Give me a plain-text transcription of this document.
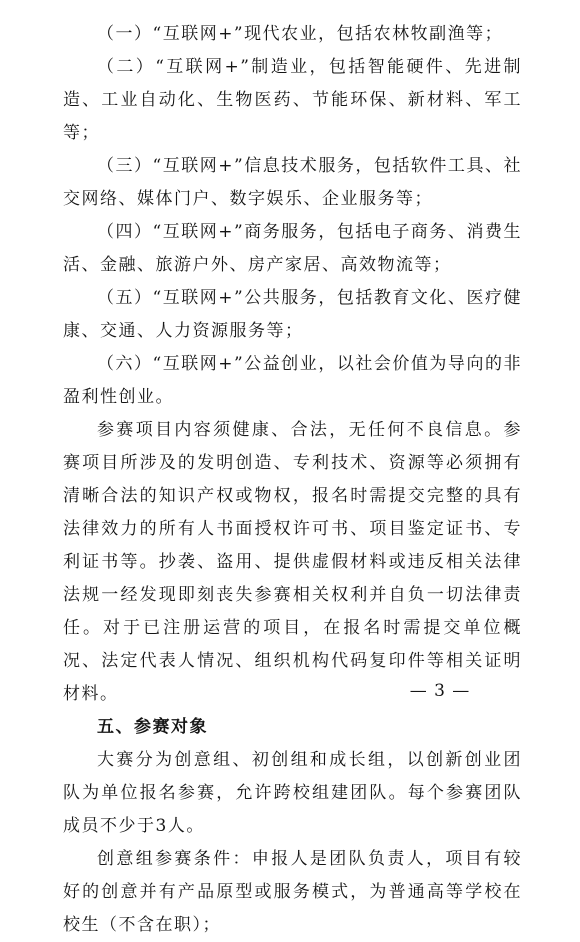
（一）“互联网+”现代农业，包括农林牧副渔等；

（二）“互联网+”制造业，包括智能硬件、先进制造、工业自动化、生物医药、节能环保、新材料、军工等；

（三）“互联网+”信息技术服务，包括软件工具、社交网络、媒体门户、数字娱乐、企业服务等；

（四）“互联网+”商务服务，包括电子商务、消费生活、金融、旅游户外、房产家居、高效物流等；

（五）“互联网+”公共服务，包括教育文化、医疗健康、交通、人力资源服务等；

（六）“互联网+”公益创业，以社会价值为导向的非盈利性创业。

参赛项目内容须健康、合法，无任何不良信息。参赛项目所涉及的发明创造、专利技术、资源等必须拥有清晰合法的知识产权或物权，报名时需提交完整的具有法律效力的所有人书面授权许可书、项目鉴定证书、专利证书等。抄袭、盗用、提供虚假材料或违反相关法律法规一经发现即刻丧失参赛相关权利并自负一切法律责任。对于已注册运营的项目，在报名时需提交单位概况、法定代表人情况、组织机构代码复印件等相关证明材料。

五、参赛对象

大赛分为创意组、初创组和成长组，以创新创业团队为单位报名参赛，允许跨校组建团队。每个参赛团队成员不少于3人。

创意组参赛条件：申报人是团队负责人，项目有较好的创意并有产品原型或服务模式，为普通高等学校在校生（不含在职）；

— 3 —
